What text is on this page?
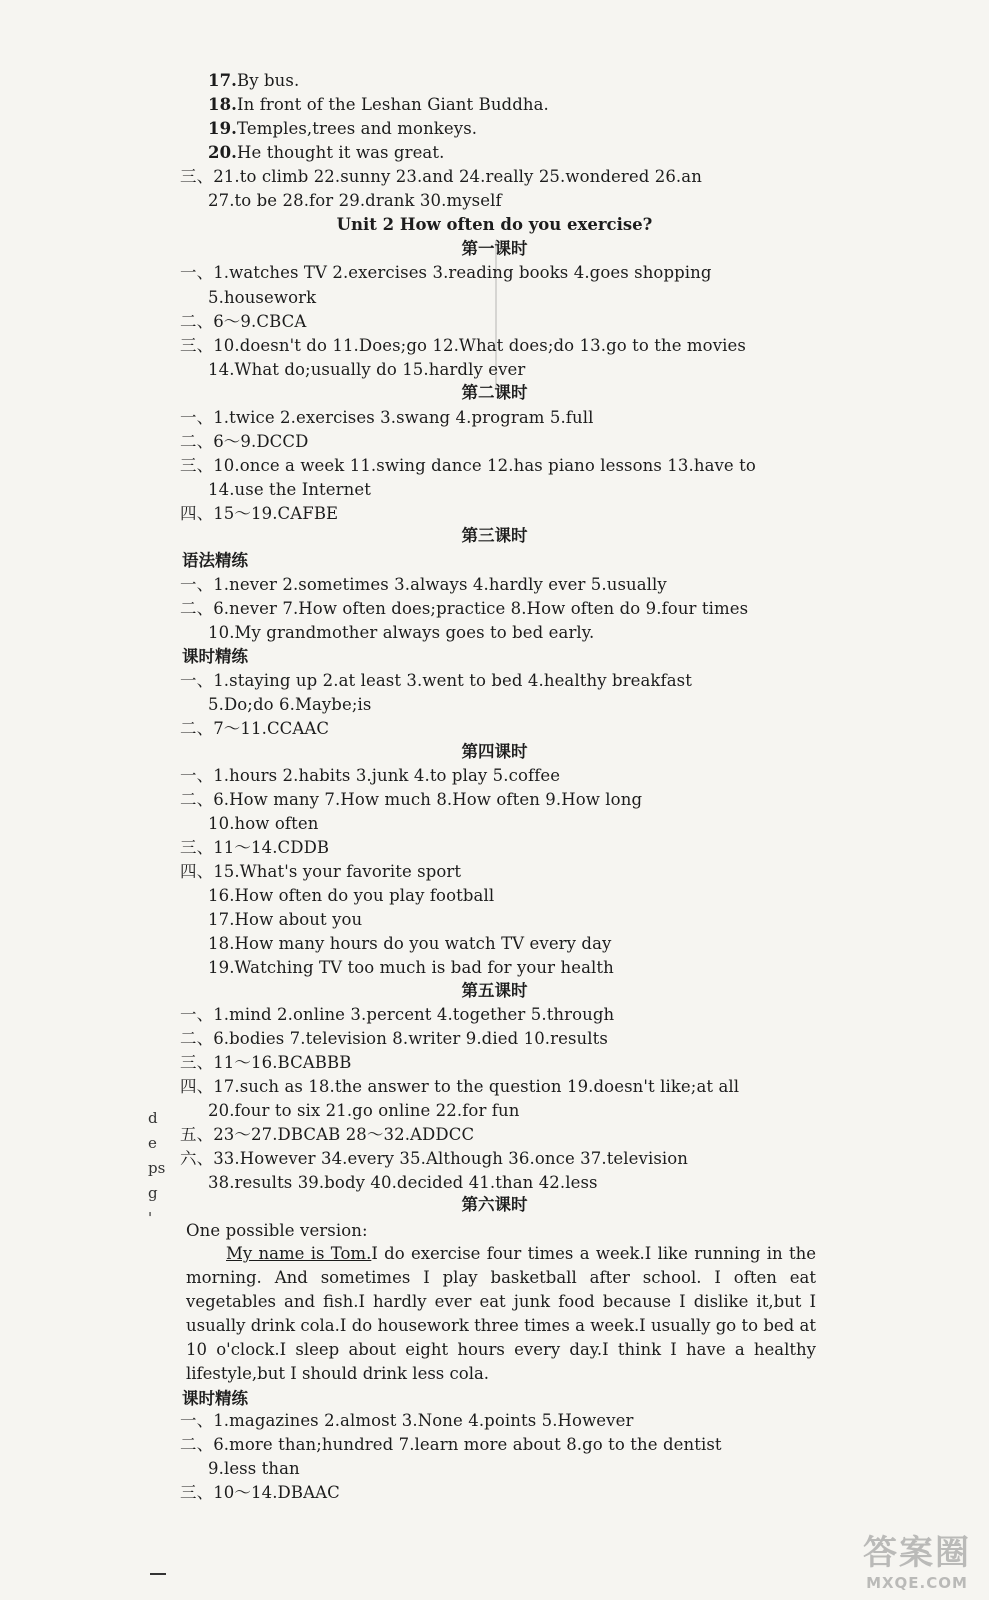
17.By bus.
18.In front of the Leshan Giant Buddha.
19.Temples,trees and monkeys.
20.He thought it was great.
三、21.to climb 22.sunny 23.and 24.really 25.wondered 26.an
27.to be 28.for 29.drank 30.myself
Unit 2 How often do you exercise?
第一课时
一、1.watches TV 2.exercises 3.reading books 4.goes shopping
5.housework
二、6～9.CBCA
三、10.doesn't do 11.Does;go 12.What does;do 13.go to the movies
14.What do;usually do 15.hardly ever
第二课时
一、1.twice 2.exercises 3.swang 4.program 5.full
二、6～9.DCCD
三、10.once a week 11.swing dance 12.has piano lessons 13.have to
14.use the Internet
四、15～19.CAFBE
第三课时
语法精练
一、1.never 2.sometimes 3.always 4.hardly ever 5.usually
二、6.never 7.How often does;practice 8.How often do 9.four times
10.My grandmother always goes to bed early.
课时精练
一、1.staying up 2.at least 3.went to bed 4.healthy breakfast
5.Do;do 6.Maybe;is
二、7～11.CCAAC
第四课时
一、1.hours 2.habits 3.junk 4.to play 5.coffee
二、6.How many 7.How much 8.How often 9.How long
10.how often
三、11～14.CDDB
四、15.What's your favorite sport
16.How often do you play football
17.How about you
18.How many hours do you watch TV every day
19.Watching TV too much is bad for your health
第五课时
一、1.mind 2.online 3.percent 4.together 5.through
二、6.bodies 7.television 8.writer 9.died 10.results
三、11～16.BCABBB
四、17.such as 18.the answer to the question 19.doesn't like;at all
20.four to six 21.go online 22.for fun
五、23～27.DBCAB 28～32.ADDCC
六、33.However 34.every 35.Although 36.once 37.television
38.results 39.body 40.decided 41.than 42.less
第六课时
One possible version:

My name is Tom.I do exercise four times a week.I like running in the morning. And sometimes I play basketball after school. I often eat vegetables and fish.I hardly ever eat junk food because I dislike it,but I usually drink cola.I do housework three times a week.I usually go to bed at 10 o'clock.I sleep about eight hours every day.I think I have a healthy lifestyle,but I should drink less cola.

课时精练
一、1.magazines 2.almost 3.None 4.points 5.However
二、6.more than;hundred 7.learn more about 8.go to the dentist
9.less than
三、10～14.DBAAC
d
e
ps
g
'
答案圈
MXQE.COM
